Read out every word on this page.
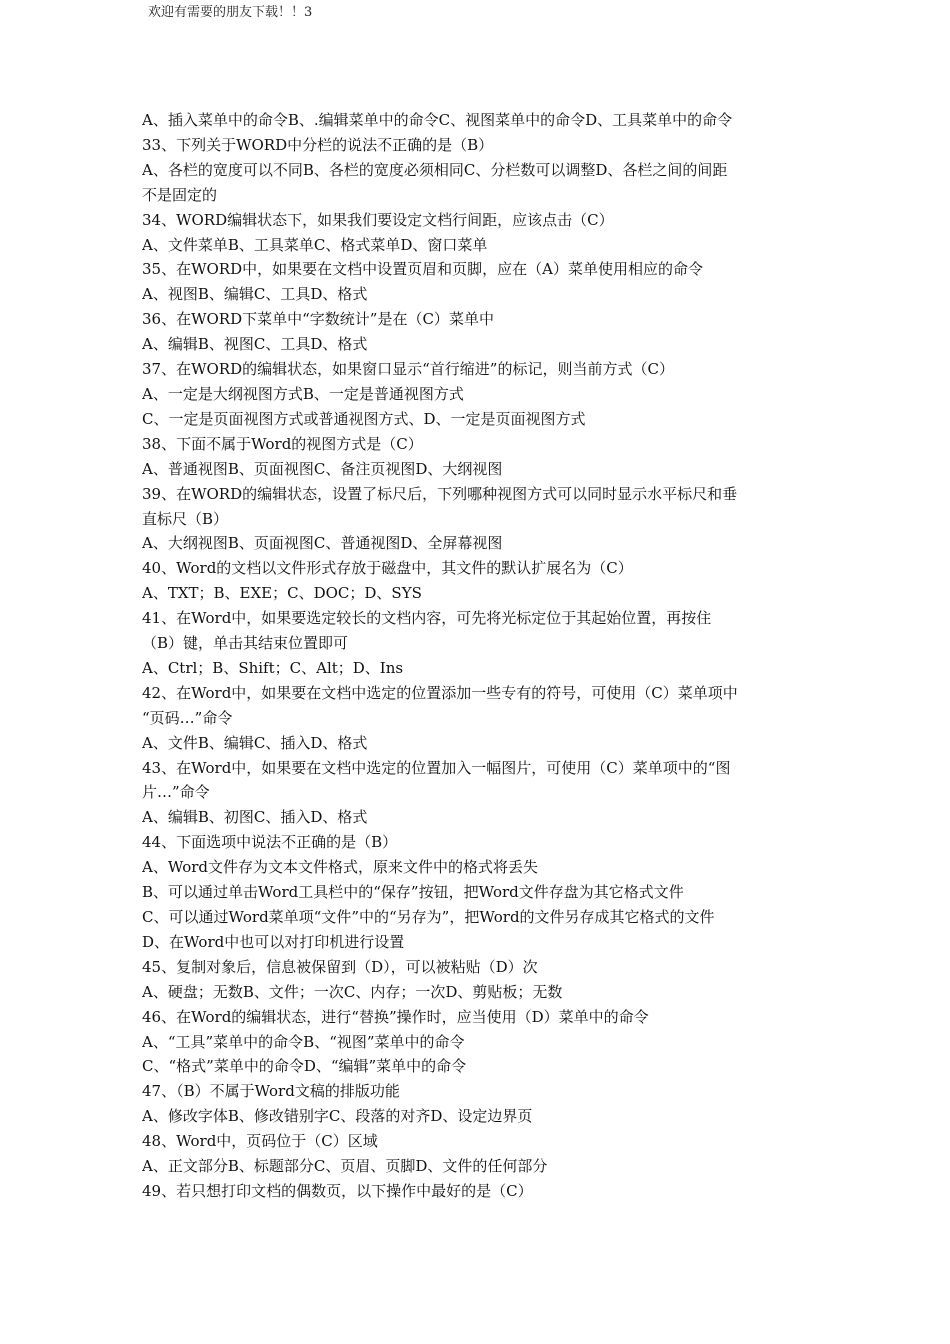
欢迎有需要的朋友下载！！3
A、插入菜单中的命令B、.编辑菜单中的命令C、视图菜单中的命令D、工具菜单中的命令
33、下列关于WORD中分栏的说法不正确的是（B）
A、各栏的宽度可以不同B、各栏的宽度必须相同C、分栏数可以调整D、各栏之间的间距
不是固定的
34、WORD编辑状态下，如果我们要设定文档行间距，应该点击（C）
A、文件菜单B、工具菜单C、格式菜单D、窗口菜单
35、在WORD中，如果要在文档中设置页眉和页脚，应在（A）菜单使用相应的命令
A、视图B、编辑C、工具D、格式
36、在WORD下菜单中“字数统计”是在（C）菜单中
A、编辑B、视图C、工具D、格式
37、在WORD的编辑状态，如果窗口显示“首行缩进”的标记，则当前方式（C）
A、一定是大纲视图方式B、一定是普通视图方式
C、一定是页面视图方式或普通视图方式、D、一定是页面视图方式
38、下面不属于Word的视图方式是（C）
A、普通视图B、页面视图C、备注页视图D、大纲视图
39、在WORD的编辑状态，设置了标尺后，下列哪种视图方式可以同时显示水平标尺和垂
直标尺（B）
A、大纲视图B、页面视图C、普通视图D、全屏幕视图
40、Word的文档以文件形式存放于磁盘中，其文件的默认扩展名为（C）
A、TXT；B、EXE；C、DOC；D、SYS
41、在Word中，如果要选定较长的文档内容，可先将光标定位于其起始位置，再按住
（B）键，单击其结束位置即可
A、Ctrl；B、Shift；C、Alt；D、Ins
42、在Word中，如果要在文档中选定的位置添加一些专有的符号，可使用（C）菜单项中
“页码…”命令
A、文件B、编辑C、插入D、格式
43、在Word中，如果要在文档中选定的位置加入一幅图片，可使用（C）菜单项中的“图
片…”命令
A、编辑B、初图C、插入D、格式
44、下面选项中说法不正确的是（B）
A、Word文件存为文本文件格式，原来文件中的格式将丢失
B、可以通过单击Word工具栏中的“保存”按钮，把Word文件存盘为其它格式文件
C、可以通过Word菜单项“文件”中的“另存为”，把Word的文件另存成其它格式的文件
D、在Word中也可以对打印机进行设置
45、复制对象后，信息被保留到（D），可以被粘贴（D）次
A、硬盘；无数B、文件；一次C、内存；一次D、剪贴板；无数
46、在Word的编辑状态，进行“替换”操作时，应当使用（D）菜单中的命令
A、“工具”菜单中的命令B、“视图”菜单中的命令
C、“格式”菜单中的命令D、“编辑”菜单中的命令
47、（B）不属于Word文稿的排版功能
A、修改字体B、修改错别字C、段落的对齐D、设定边界页
48、Word中，页码位于（C）区域
A、正文部分B、标题部分C、页眉、页脚D、文件的任何部分
49、若只想打印文档的偶数页，以下操作中最好的是（C）
